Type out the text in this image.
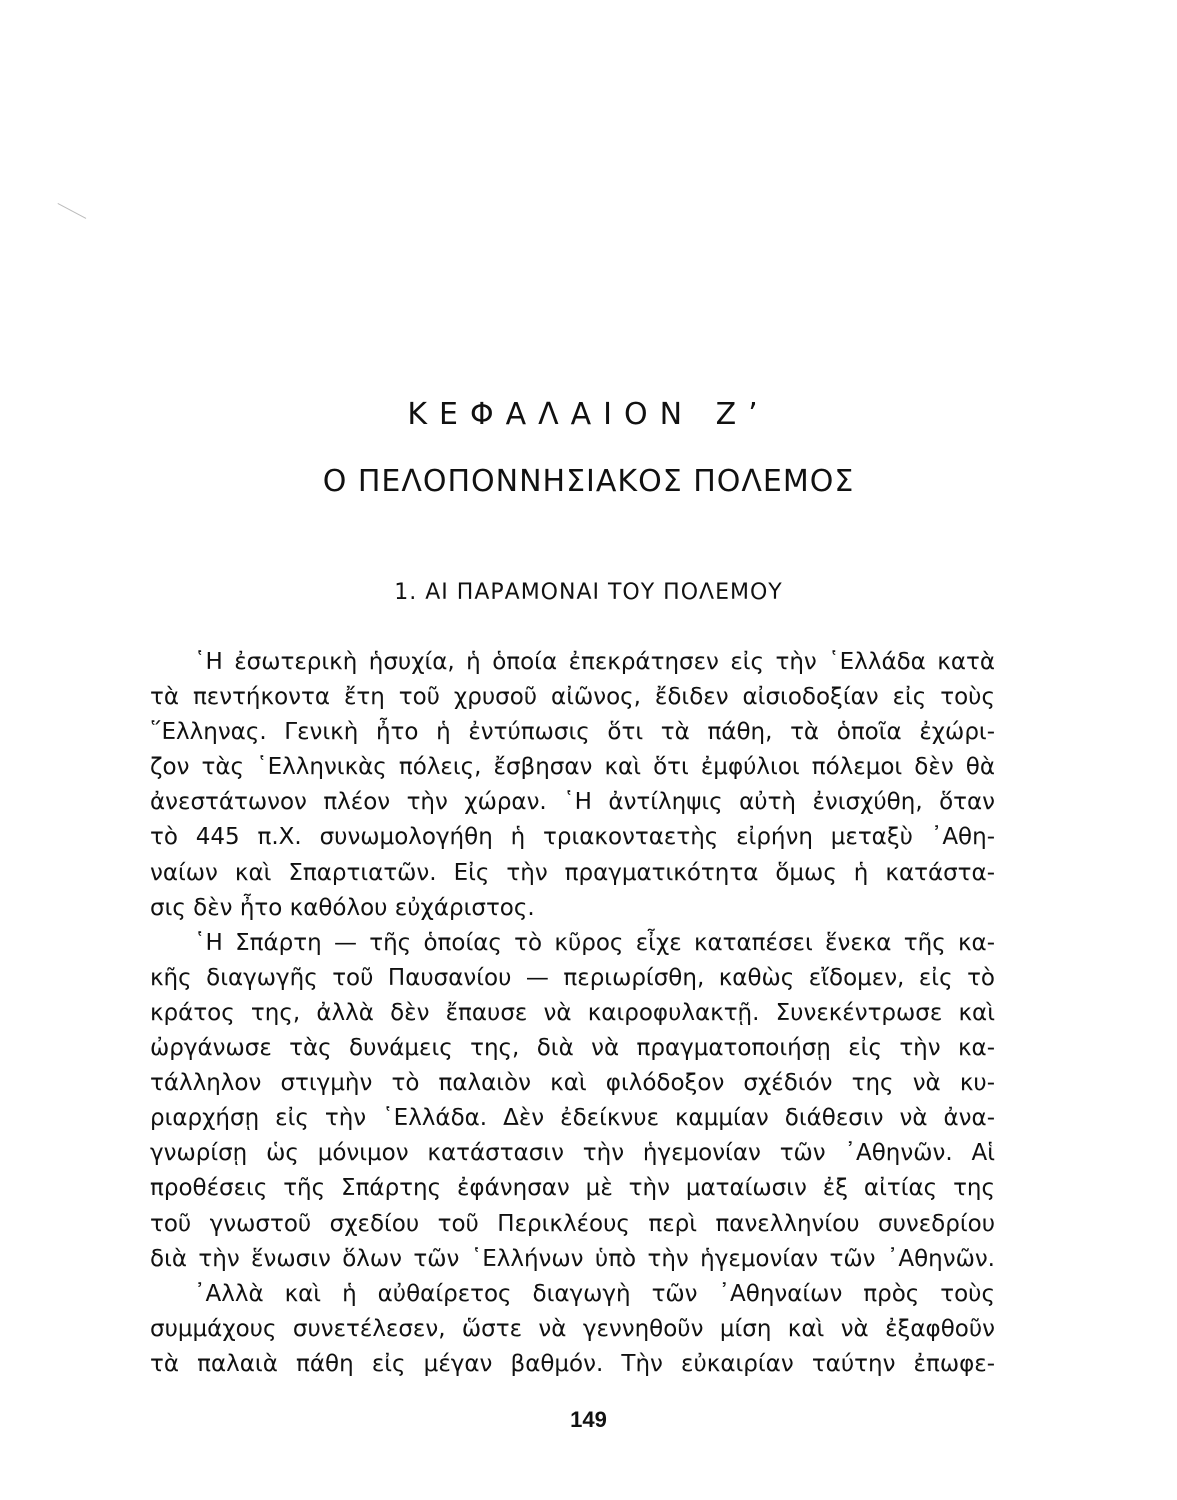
ΚΕΦΑΛΑΙΟΝ Ζ’
Ο ΠΕΛΟΠΟΝΝΗΣΙΑΚΟΣ ΠΟΛΕΜΟΣ
1. ΑΙ ΠΑΡΑΜΟΝΑΙ ΤΟΥ ΠΟΛΕΜΟΥ
῾Η ἐσωτερικὴ ἡσυχία, ἡ ὁποία ἐπεκράτησεν εἰς τὴν ῾Ελλάδα κατὰ
τὰ πεντήκοντα ἔτη τοῦ χρυσοῦ αἰῶνος, ἔδιδεν αἰσιοδοξίαν εἰς τοὺς
῞Ελληνας. Γενικὴ ἦτο ἡ ἐντύπωσις ὅτι τὰ πάθη, τὰ ὁποῖα ἐχώρι-
ζον τὰς ῾Ελληνικὰς πόλεις, ἔσβησαν καὶ ὅτι ἐμφύλιοι πόλεμοι δὲν θὰ
ἀνεστάτωνον πλέον τὴν χώραν. ῾Η ἀντίληψις αὐτὴ ἐνισχύθη, ὅταν
τὸ 445 π.Χ. συνωμολογήθη ἡ τριακονταετὴς εἰρήνη μεταξὺ ᾿Αθη-
ναίων καὶ Σπαρτιατῶν. Εἰς τὴν πραγματικότητα ὅμως ἡ κατάστα-
σις δὲν ἦτο καθόλου εὐχάριστος.
῾Η Σπάρτη — τῆς ὁποίας τὸ κῦρος εἶχε καταπέσει ἕνεκα τῆς κα-
κῆς διαγωγῆς τοῦ Παυσανίου — περιωρίσθη, καθὼς εἴδομεν, εἰς τὸ
κράτος της, ἀλλὰ δὲν ἔπαυσε νὰ καιροφυλακτῇ. Συνεκέντρωσε καὶ
ὠργάνωσε τὰς δυνάμεις της, διὰ νὰ πραγματοποιήσῃ εἰς τὴν κα-
τάλληλον στιγμὴν τὸ παλαιὸν καὶ φιλόδοξον σχέδιόν της νὰ κυ-
ριαρχήσῃ εἰς τὴν ῾Ελλάδα. Δὲν ἐδείκνυε καμμίαν διάθεσιν νὰ ἀνα-
γνωρίσῃ ὡς μόνιμον κατάστασιν τὴν ἡγεμονίαν τῶν ᾿Αθηνῶν. Αἱ
προθέσεις τῆς Σπάρτης ἐφάνησαν μὲ τὴν ματαίωσιν ἐξ αἰτίας της
τοῦ γνωστοῦ σχεδίου τοῦ Περικλέους περὶ πανελληνίου συνεδρίου
διὰ τὴν ἕνωσιν ὅλων τῶν ῾Ελλήνων ὑπὸ τὴν ἡγεμονίαν τῶν ᾿Αθηνῶν.
᾿Αλλὰ καὶ ἡ αὐθαίρετος διαγωγὴ τῶν ᾿Αθηναίων πρὸς τοὺς
συμμάχους συνετέλεσεν, ὥστε νὰ γεννηθοῦν μίση καὶ νὰ ἐξαφθοῦν
τὰ παλαιὰ πάθη εἰς μέγαν βαθμόν. Τὴν εὐκαιρίαν ταύτην ἐπωφε-
149
